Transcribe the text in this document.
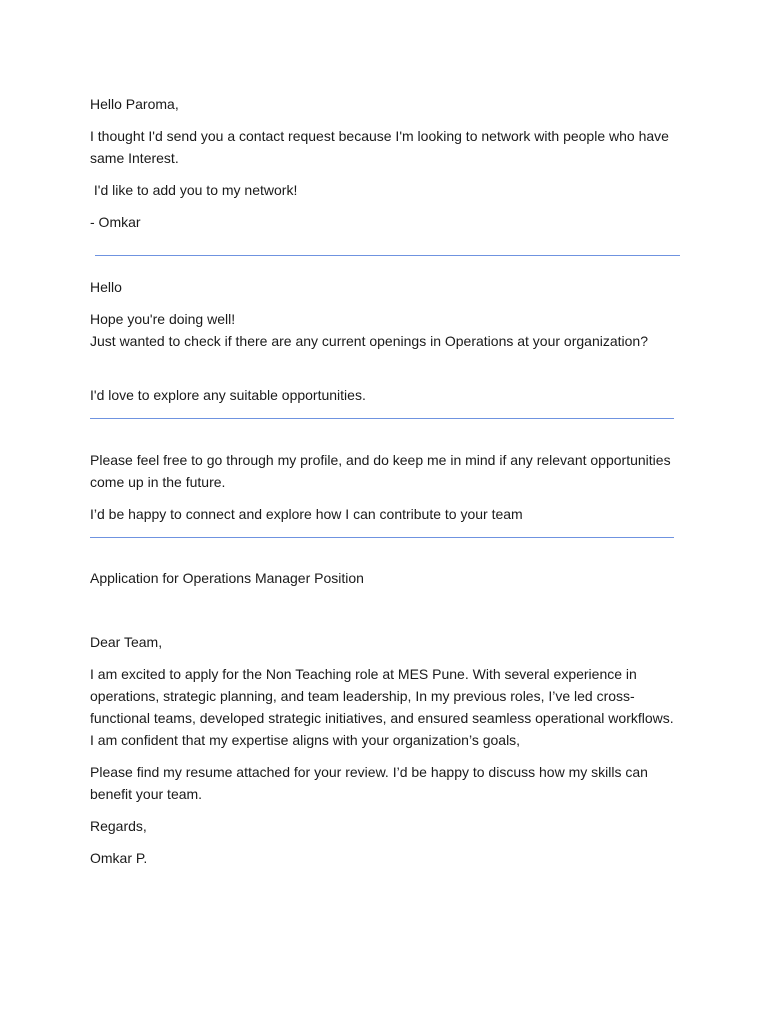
Hello Paroma,

I thought I'd send you a contact request because I'm looking to network with people who have same Interest.

I'd like to add you to my network!

- Omkar

Hello

Hope you're doing well!

Just wanted to check if there are any current openings in Operations at your organization?

I'd love to explore any suitable opportunities.

Please feel free to go through my profile, and do keep me in mind if any relevant opportunities come up in the future.

I’d be happy to connect and explore how I can contribute to your team

Application for Operations Manager Position

Dear Team,

I am excited to apply for the Non Teaching role at MES Pune. With several experience in operations, strategic planning, and team leadership, In my previous roles, I’ve led cross-functional teams, developed strategic initiatives, and ensured seamless operational workflows. I am confident that my expertise aligns with your organization’s goals,

Please find my resume attached for your review. I’d be happy to discuss how my skills can benefit your team.

Regards,

Omkar P.
